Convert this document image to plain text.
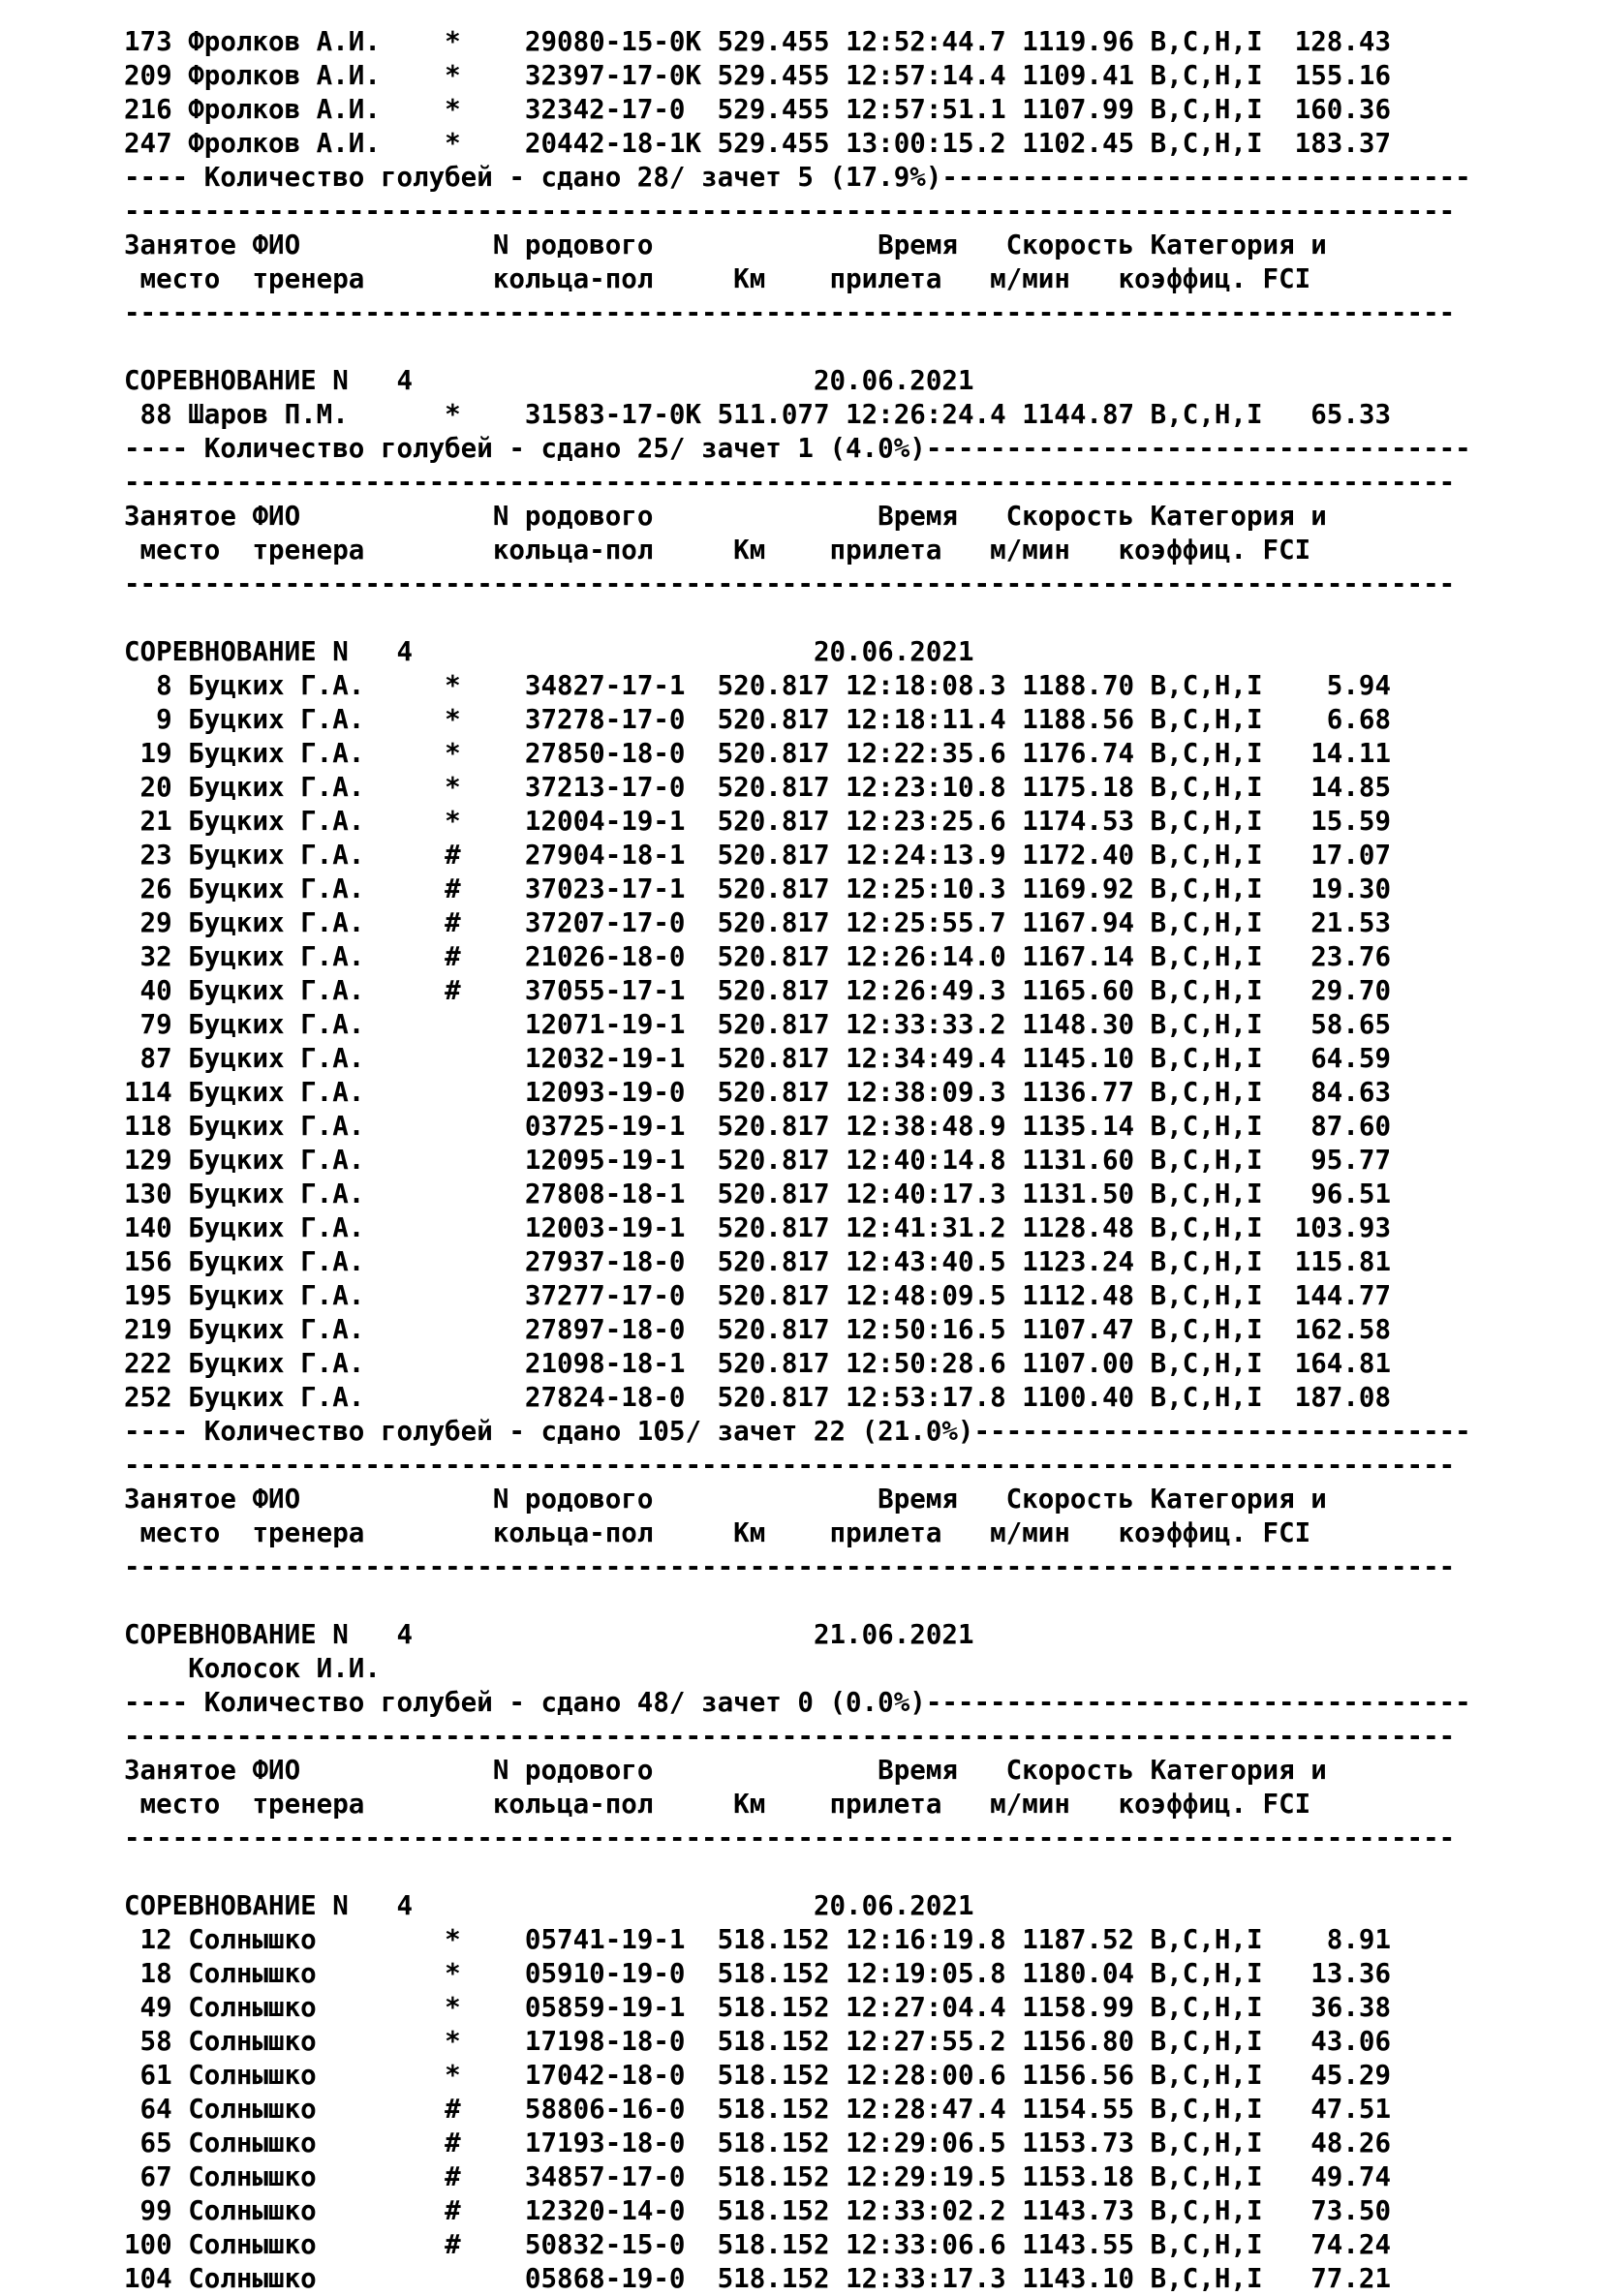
173 Фролков А.И.    *    29080-15-0K 529.455 12:52:44.7 1119.96 B,C,H,I  128.43
209 Фролков А.И.    *    32397-17-0K 529.455 12:57:14.4 1109.41 B,C,H,I  155.16
216 Фролков А.И.    *    32342-17-0  529.455 12:57:51.1 1107.99 B,C,H,I  160.36
247 Фролков А.И.    *    20442-18-1K 529.455 13:00:15.2 1102.45 B,C,H,I  183.37
---- Количество голубей - сдано 28/ зачет 5 (17.9%)---------------------------------
-----------------------------------------------------------------------------------
Занятое ФИО            N родового              Время   Скорость Категория и
место  тренера        кольца-пол     Км    прилета   м/мин   коэффиц. FCI
-----------------------------------------------------------------------------------

СОРЕВНОВАНИЕ N   4                         20.06.2021
88 Шаров П.М.      *    31583-17-0K 511.077 12:26:24.4 1144.87 B,C,H,I   65.33
---- Количество голубей - сдано 25/ зачет 1 (4.0%)----------------------------------
-----------------------------------------------------------------------------------
Занятое ФИО            N родового              Время   Скорость Категория и
место  тренера        кольца-пол     Км    прилета   м/мин   коэффиц. FCI
-----------------------------------------------------------------------------------

СОРЕВНОВАНИЕ N   4                         20.06.2021
8 Буцких Г.А.     *    34827-17-1  520.817 12:18:08.3 1188.70 B,C,H,I    5.94
9 Буцких Г.А.     *    37278-17-0  520.817 12:18:11.4 1188.56 B,C,H,I    6.68
19 Буцких Г.А.     *    27850-18-0  520.817 12:22:35.6 1176.74 B,C,H,I   14.11
20 Буцких Г.А.     *    37213-17-0  520.817 12:23:10.8 1175.18 B,C,H,I   14.85
21 Буцких Г.А.     *    12004-19-1  520.817 12:23:25.6 1174.53 B,C,H,I   15.59
23 Буцких Г.А.     #    27904-18-1  520.817 12:24:13.9 1172.40 B,C,H,I   17.07
26 Буцких Г.А.     #    37023-17-1  520.817 12:25:10.3 1169.92 B,C,H,I   19.30
29 Буцких Г.А.     #    37207-17-0  520.817 12:25:55.7 1167.94 B,C,H,I   21.53
32 Буцких Г.А.     #    21026-18-0  520.817 12:26:14.0 1167.14 B,C,H,I   23.76
40 Буцких Г.А.     #    37055-17-1  520.817 12:26:49.3 1165.60 B,C,H,I   29.70
79 Буцких Г.А.          12071-19-1  520.817 12:33:33.2 1148.30 B,C,H,I   58.65
87 Буцких Г.А.          12032-19-1  520.817 12:34:49.4 1145.10 B,C,H,I   64.59
114 Буцких Г.А.          12093-19-0  520.817 12:38:09.3 1136.77 B,C,H,I   84.63
118 Буцких Г.А.          03725-19-1  520.817 12:38:48.9 1135.14 B,C,H,I   87.60
129 Буцких Г.А.          12095-19-1  520.817 12:40:14.8 1131.60 B,C,H,I   95.77
130 Буцких Г.А.          27808-18-1  520.817 12:40:17.3 1131.50 B,C,H,I   96.51
140 Буцких Г.А.          12003-19-1  520.817 12:41:31.2 1128.48 B,C,H,I  103.93
156 Буцких Г.А.          27937-18-0  520.817 12:43:40.5 1123.24 B,C,H,I  115.81
195 Буцких Г.А.          37277-17-0  520.817 12:48:09.5 1112.48 B,C,H,I  144.77
219 Буцких Г.А.          27897-18-0  520.817 12:50:16.5 1107.47 B,C,H,I  162.58
222 Буцких Г.А.          21098-18-1  520.817 12:50:28.6 1107.00 B,C,H,I  164.81
252 Буцких Г.А.          27824-18-0  520.817 12:53:17.8 1100.40 B,C,H,I  187.08
---- Количество голубей - сдано 105/ зачет 22 (21.0%)-------------------------------
-----------------------------------------------------------------------------------
Занятое ФИО            N родового              Время   Скорость Категория и
место  тренера        кольца-пол     Км    прилета   м/мин   коэффиц. FCI
-----------------------------------------------------------------------------------

СОРЕВНОВАНИЕ N   4                         21.06.2021
Колосок И.И.
---- Количество голубей - сдано 48/ зачет 0 (0.0%)----------------------------------
-----------------------------------------------------------------------------------
Занятое ФИО            N родового              Время   Скорость Категория и
место  тренера        кольца-пол     Км    прилета   м/мин   коэффиц. FCI
-----------------------------------------------------------------------------------

СОРЕВНОВАНИЕ N   4                         20.06.2021
12 Солнышко        *    05741-19-1  518.152 12:16:19.8 1187.52 B,C,H,I    8.91
18 Солнышко        *    05910-19-0  518.152 12:19:05.8 1180.04 B,C,H,I   13.36
49 Солнышко        *    05859-19-1  518.152 12:27:04.4 1158.99 B,C,H,I   36.38
58 Солнышко        *    17198-18-0  518.152 12:27:55.2 1156.80 B,C,H,I   43.06
61 Солнышко        *    17042-18-0  518.152 12:28:00.6 1156.56 B,C,H,I   45.29
64 Солнышко        #    58806-16-0  518.152 12:28:47.4 1154.55 B,C,H,I   47.51
65 Солнышко        #    17193-18-0  518.152 12:29:06.5 1153.73 B,C,H,I   48.26
67 Солнышко        #    34857-17-0  518.152 12:29:19.5 1153.18 B,C,H,I   49.74
99 Солнышко        #    12320-14-0  518.152 12:33:02.2 1143.73 B,C,H,I   73.50
100 Солнышко        #    50832-15-0  518.152 12:33:06.6 1143.55 B,C,H,I   74.24
104 Солнышко             05868-19-0  518.152 12:33:17.3 1143.10 B,C,H,I   77.21
